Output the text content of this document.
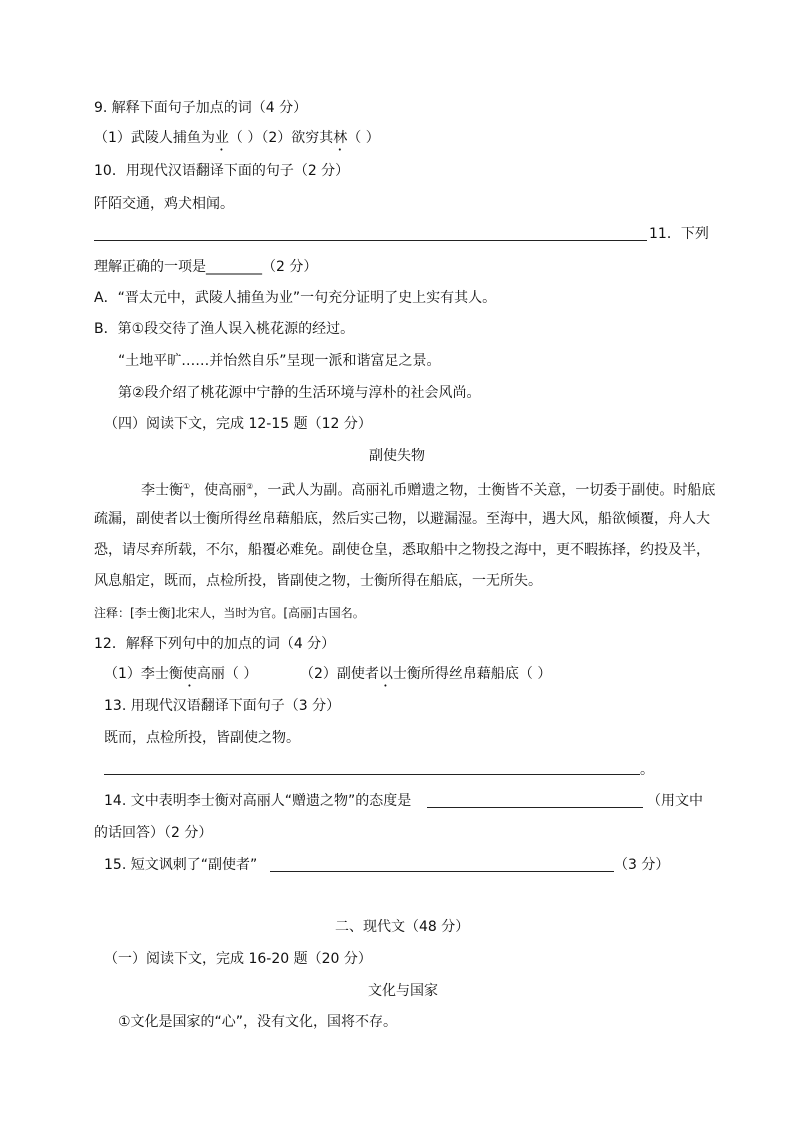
9. 解释下面句子加点的词（4 分）
（1）武陵人捕鱼为业（ ）（2）欲穷其林（ ）
10．用现代汉语翻译下面的句子（2 分）
阡陌交通，鸡犬相闻。
11．下列
理解正确的一项是________（2 分）
A．“晋太元中，武陵人捕鱼为业”一句充分证明了史上实有其人。
B．第①段交待了渔人误入桃花源的经过。
“土地平旷……并怡然自乐”呈现一派和谐富足之景。
第②段介绍了桃花源中宁静的生活环境与淳朴的社会风尚。
（四）阅读下文，完成 12-15 题（12 分）
副使失物
李士衡①，使高丽②，一武人为副。高丽礼币赠遗之物，士衡皆不关意，一切委于副使。时船底
疏漏，副使者以士衡所得丝帛藉船底，然后实己物，以避漏湿。至海中，遇大风，船欲倾覆，舟人大
恐，请尽弃所载，不尔，船覆必难免。副使仓皇，悉取船中之物投之海中，更不暇拣择，约投及半，
风息船定，既而，点检所投，皆副使之物，士衡所得在船底，一无所失。
注释：[李士衡]北宋人，当时为官。[高丽]古国名。
12．解释下列句中的加点的词（4 分）
（1）李士衡使高丽（ ）	（2）副使者以士衡所得丝帛藉船底（ ）
13. 用现代汉语翻译下面句子（3 分）
既而，点检所投，皆副使之物。
。
14. 文中表明李士衡对高丽人“赠遗之物”的态度是	（用文中
的话回答）（2 分）
15. 短文讽刺了“副使者”	（3 分）
二、现代文（48 分）
（一）阅读下文，完成 16-20 题（20 分）
文化与国家
①文化是国家的“心”，没有文化，国将不存。
